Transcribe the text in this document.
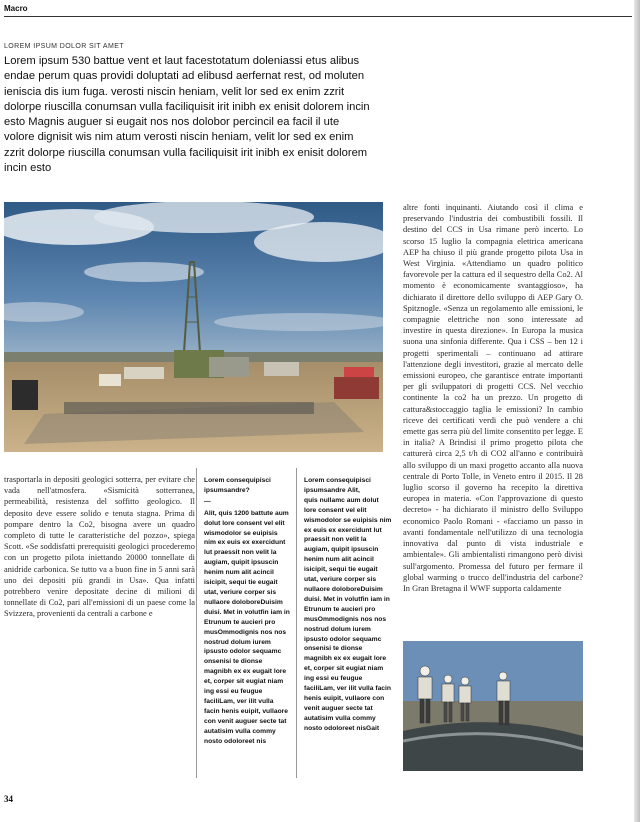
Macro
LOREM IPSUM DOLOR SIT AMET
Lorem ipsum 530 battue vent et laut facestotatum doleniassi etus alibus endae perum quas providi doluptati ad elibusd aerfernat rest, od moluten ieniscia dis ium fuga. verosti niscin heniam, velit lor sed ex enim zzrit dolorpe riuscilla conumsan vulla faciliquisit irit inibh ex enisit dolorem incin esto Magnis auguer si eugait nos nos dolobor percincil ea facil il ute volore dignisit wis nim atum verosti niscin heniam, velit lor sed ex enim zzrit dolorpe riuscilla conumsan vulla faciliquisit irit inibh ex enisit dolorem incin esto
trasportarla in depositi geologici sotterra, per evitare che vada nell'atmosfera. «Sismicità sotterranea, permeabilità, resistenza del soffitto geologico. Il deposito deve essere solido e tenuta stagna. Prima di pompare dentro la Co2, bisogna avere un quadro completo di tutte le caratteristiche del pozzo», spiega Scott. «Se soddisfatti prerequisiti geologici procederemo con un progetto pilota iniettando 20000 tonnellate di anidride carbonica. Se tutto va a buon fine in 5 anni sarà uno dei depositi più grandi in Usa». Qua infatti potrebbero venire depositate decine di milioni di tonnellate di Co2, pari all'emissioni di un paese come la Svizzera, provenienti da centrali a carbone e
Lorem consequipisci ipsumsandre?
—
Alit, quis 1200 battute aum dolut lore consent vel elit wismodolor se euipisis nim ex euis ex exercidunt lut praessit non velit la augiam, quipit ipsuscin henim num alit acincil isicipit, sequi tie eugait utat, veriure corper sis nullaore doloboreDuisim duisi. Met in volutfin iam in Etrunum te aucieri pro musOmmodignis nos nos nostrud dolum iurem ipsusto odolor sequamc onsenisi te dionse magnibh ex ex eugait lore et, corper sit eugiat niam ing essi eu feugue faciliLam, ver ilit vulla facin henis euipit, vullaore con venit auguer secte tat autatisim vulla commy nosto odoloreet nis
Lorem consequipisci ipsumsandre Alit,
quis nullamc aum dolut lore consent vel elit wismodolor se euipisis nim ex euis ex exercidunt lut praessit non velit la augiam, quipit ipsuscin henim num alit acincil isicipit, sequi tie eugait utat, veriure corper sis nullaore doloboreDuisim duisi. Met in volutfin iam in Etrunum te aucieri pro musOmmodignis nos nos nostrud dolum iurem ipsusto odolor sequamc onsenisi te dionse magnibh ex ex eugait lore et, corper sit eugiat niam ing essi eu feugue faciliLam, ver ilit vulla facin henis euipit, vullaore con venit auguer secte tat autatisim vulla commy nosto odoloreet nisGait
altre fonti inquinanti. Aiutando così il clima e preservando l'industria dei combustibili fossili. Il destino del CCS in Usa rimane però incerto. Lo scorso 15 luglio la compagnia elettrica americana AEP ha chiuso il più grande progetto pilota Usa in West Virginia. «Attendiamo un quadro politico favorevole per la cattura ed il sequestro della Co2. Al momento è economicamente svantaggioso», ha dichiarato il direttore dello sviluppo di AEP Gary O. Spitznogle. «Senza un regolamento alle emissioni, le compagnie elettriche non sono interessate ad investire in questa direzione». In Europa la musica suona una sinfonia differente. Qua i CSS – ben 12 i progetti sperimentali – continuano ad attirare l'attenzione degli investitori, grazie al mercato delle emissioni europeo, che garantisce entrate importanti per gli sviluppatori di progetti CCS. Nel vecchio continente la co2 ha un prezzo. Un progetto di cattura&stoccaggio taglia le emissioni? In cambio riceve dei certificati verdi che può vendere a chi emette gas serra più del limite consentito per legge. E in italia? A Brindisi il primo progetto pilota che catturerà circa 2,5 t/h di CO2 all'anno e contribuirà allo sviluppo di un maxi progetto accanto alla nuova centrale di Porto Tolle, in Veneto entro il 2015. Il 28 luglio scorso il governo ha recepito la direttiva europea in materia. «Con l'approvazione di questo decreto» - ha dichiarato il ministro dello Sviluppo economico Paolo Romani - «facciamo un passo in avanti fondamentale nell'utilizzo di una tecnologia innovativa dal punto di vista industriale e ambientale». Gli ambientalisti rimangono però divisi sull'argomento. Promessa del futuro per fermare il global warming o trucco dell'industria del carbone? In Gran Bretagna il WWF supporta caldamente
34
